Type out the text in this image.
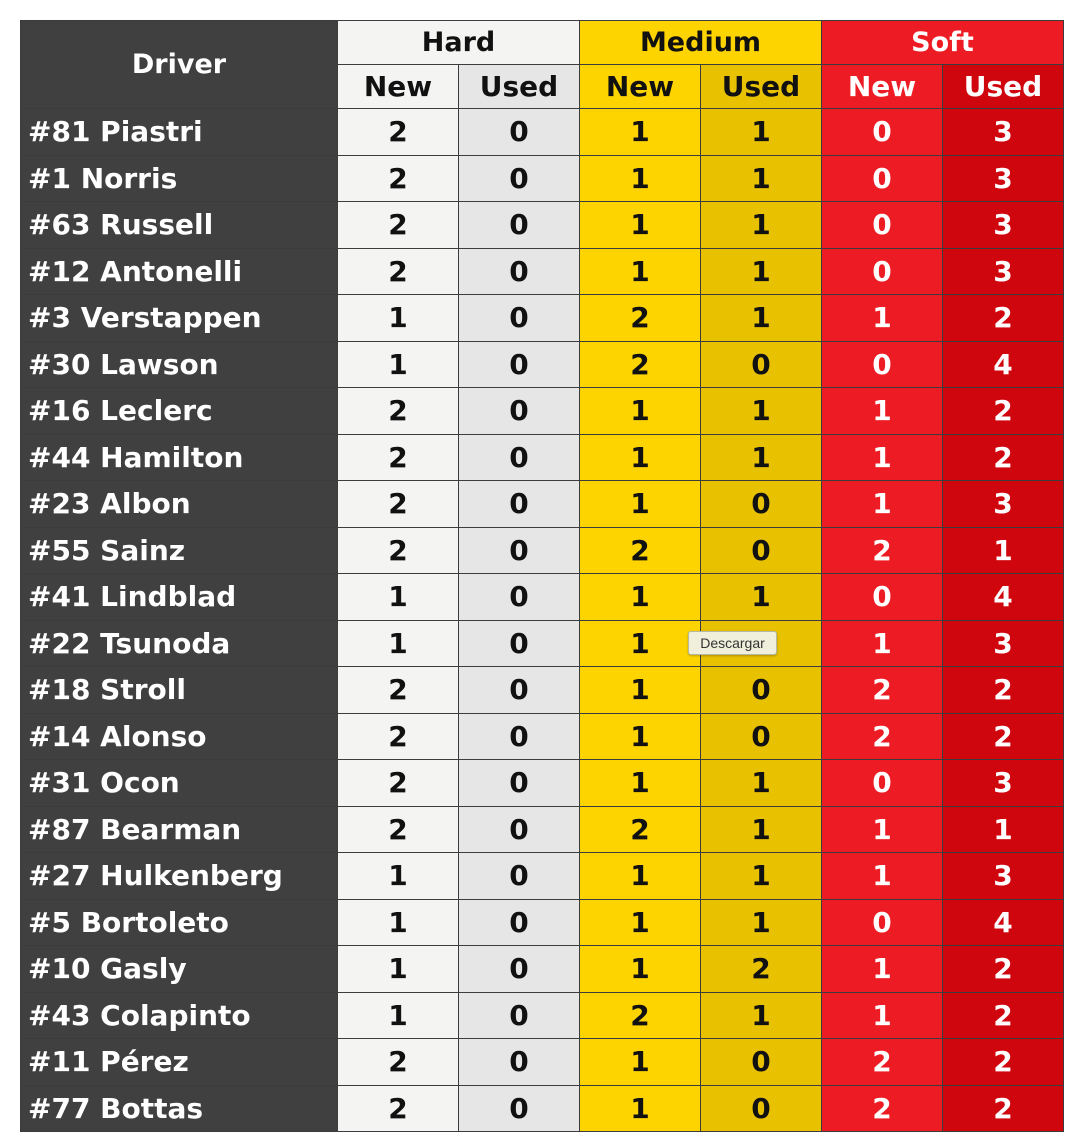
Driver	Hard		Medium		Soft	
	New	Used	New	Used	New	Used
#81 Piastri	2	0	1	1	0	3
#1 Norris	2	0	1	1	0	3
#63 Russell	2	0	1	1	0	3
#12 Antonelli	2	0	1	1	0	3
#3 Verstappen	1	0	2	1	1	2
#30 Lawson	1	0	2	0	0	4
#16 Leclerc	2	0	1	1	1	2
#44 Hamilton	2	0	1	1	1	2
#23 Albon	2	0	1	0	1	3
#55 Sainz	2	0	2	0	2	1
#41 Lindblad	1	0	1	1	0	4
#22 Tsunoda	1	0	1		1	3
#18 Stroll	2	0	1	0	2	2
#14 Alonso	2	0	1	0	2	2
#31 Ocon	2	0	1	1	0	3
#87 Bearman	2	0	2	1	1	1
#27 Hulkenberg	1	0	1	1	1	3
#5 Bortoleto	1	0	1	1	0	4
#10 Gasly	1	0	1	2	1	2
#43 Colapinto	1	0	2	1	1	2
#11 Pérez	2	0	1	0	2	2
#77 Bottas	2	0	1	0	2	2
Descargar
